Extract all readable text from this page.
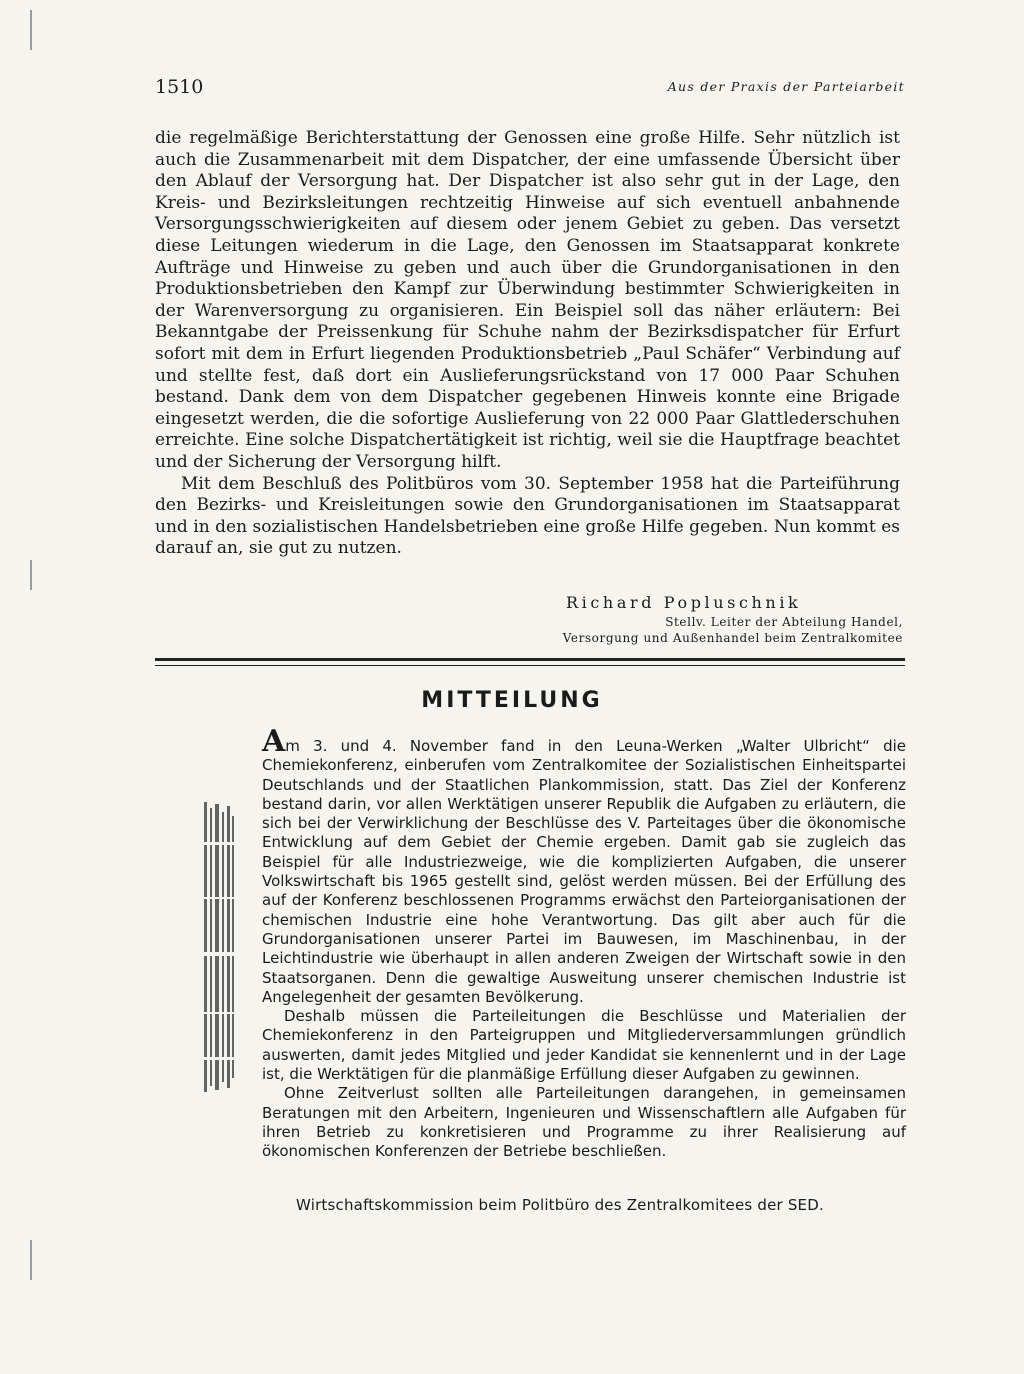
1510	Aus der Praxis der Parteiarbeit

die regelmäßige Berichterstattung der Genossen eine große Hilfe. Sehr nützlich ist auch die Zusammenarbeit mit dem Dispatcher, der eine umfassende Übersicht über den Ablauf der Versorgung hat. Der Dispatcher ist also sehr gut in der Lage, den Kreis- und Bezirksleitungen rechtzeitig Hinweise auf sich eventuell anbahnende Versorgungsschwierigkeiten auf diesem oder jenem Gebiet zu geben. Das versetzt diese Leitungen wiederum in die Lage, den Genossen im Staatsapparat konkrete Aufträge und Hinweise zu geben und auch über die Grundorganisationen in den Produktionsbetrieben den Kampf zur Überwindung bestimmter Schwierigkeiten in der Warenversorgung zu organisieren. Ein Beispiel soll das näher erläutern: Bei Bekanntgabe der Preissenkung für Schuhe nahm der Bezirksdispatcher für Erfurt sofort mit dem in Erfurt liegenden Produktionsbetrieb „Paul Schäfer“ Verbindung auf und stellte fest, daß dort ein Auslieferungsrückstand von 17 000 Paar Schuhen bestand. Dank dem von dem Dispatcher gegebenen Hinweis konnte eine Brigade eingesetzt werden, die die sofortige Auslieferung von 22 000 Paar Glattlederschuhen erreichte. Eine solche Dispatchertätigkeit ist richtig, weil sie die Hauptfrage beachtet und der Sicherung der Versorgung hilft.

Mit dem Beschluß des Politbüros vom 30. September 1958 hat die Parteiführung den Bezirks- und Kreisleitungen sowie den Grundorganisationen im Staatsapparat und in den sozialistischen Handelsbetrieben eine große Hilfe gegeben. Nun kommt es darauf an, sie gut zu nutzen.

Richard Popluschnik
Stellv. Leiter der Abteilung Handel,
Versorgung und Außenhandel beim Zentralkomitee
MITTEILUNG

Am 3. und 4. November fand in den Leuna-Werken „Walter Ulbricht“ die Chemiekonferenz, einberufen vom Zentralkomitee der Sozialistischen Einheitspartei Deutschlands und der Staatlichen Plankommission, statt. Das Ziel der Konferenz bestand darin, vor allen Werktätigen unserer Republik die Aufgaben zu erläutern, die sich bei der Verwirklichung der Beschlüsse des V. Parteitages über die ökonomische Entwicklung auf dem Gebiet der Chemie ergeben. Damit gab sie zugleich das Beispiel für alle Industriezweige, wie die komplizierten Aufgaben, die unserer Volkswirtschaft bis 1965 gestellt sind, gelöst werden müssen. Bei der Erfüllung des auf der Konferenz beschlossenen Programms erwächst den Parteiorganisationen der chemischen Industrie eine hohe Verantwortung. Das gilt aber auch für die Grundorganisationen unserer Partei im Bauwesen, im Maschinenbau, in der Leichtindustrie wie überhaupt in allen anderen Zweigen der Wirtschaft sowie in den Staatsorganen. Denn die gewaltige Ausweitung unserer chemischen Industrie ist Angelegenheit der gesamten Bevölkerung.

Deshalb müssen die Parteileitungen die Beschlüsse und Materialien der Chemiekonferenz in den Parteigruppen und Mitgliederversammlungen gründlich auswerten, damit jedes Mitglied und jeder Kandidat sie kennenlernt und in der Lage ist, die Werktätigen für die planmäßige Erfüllung dieser Aufgaben zu gewinnen.

Ohne Zeitverlust sollten alle Parteileitungen darangehen, in gemeinsamen Beratungen mit den Arbeitern, Ingenieuren und Wissenschaftlern alle Aufgaben für ihren Betrieb zu konkretisieren und Programme zu ihrer Realisierung auf ökonomischen Konferenzen der Betriebe beschließen.

Wirtschaftskommission beim Politbüro des Zentralkomitees der SED.
